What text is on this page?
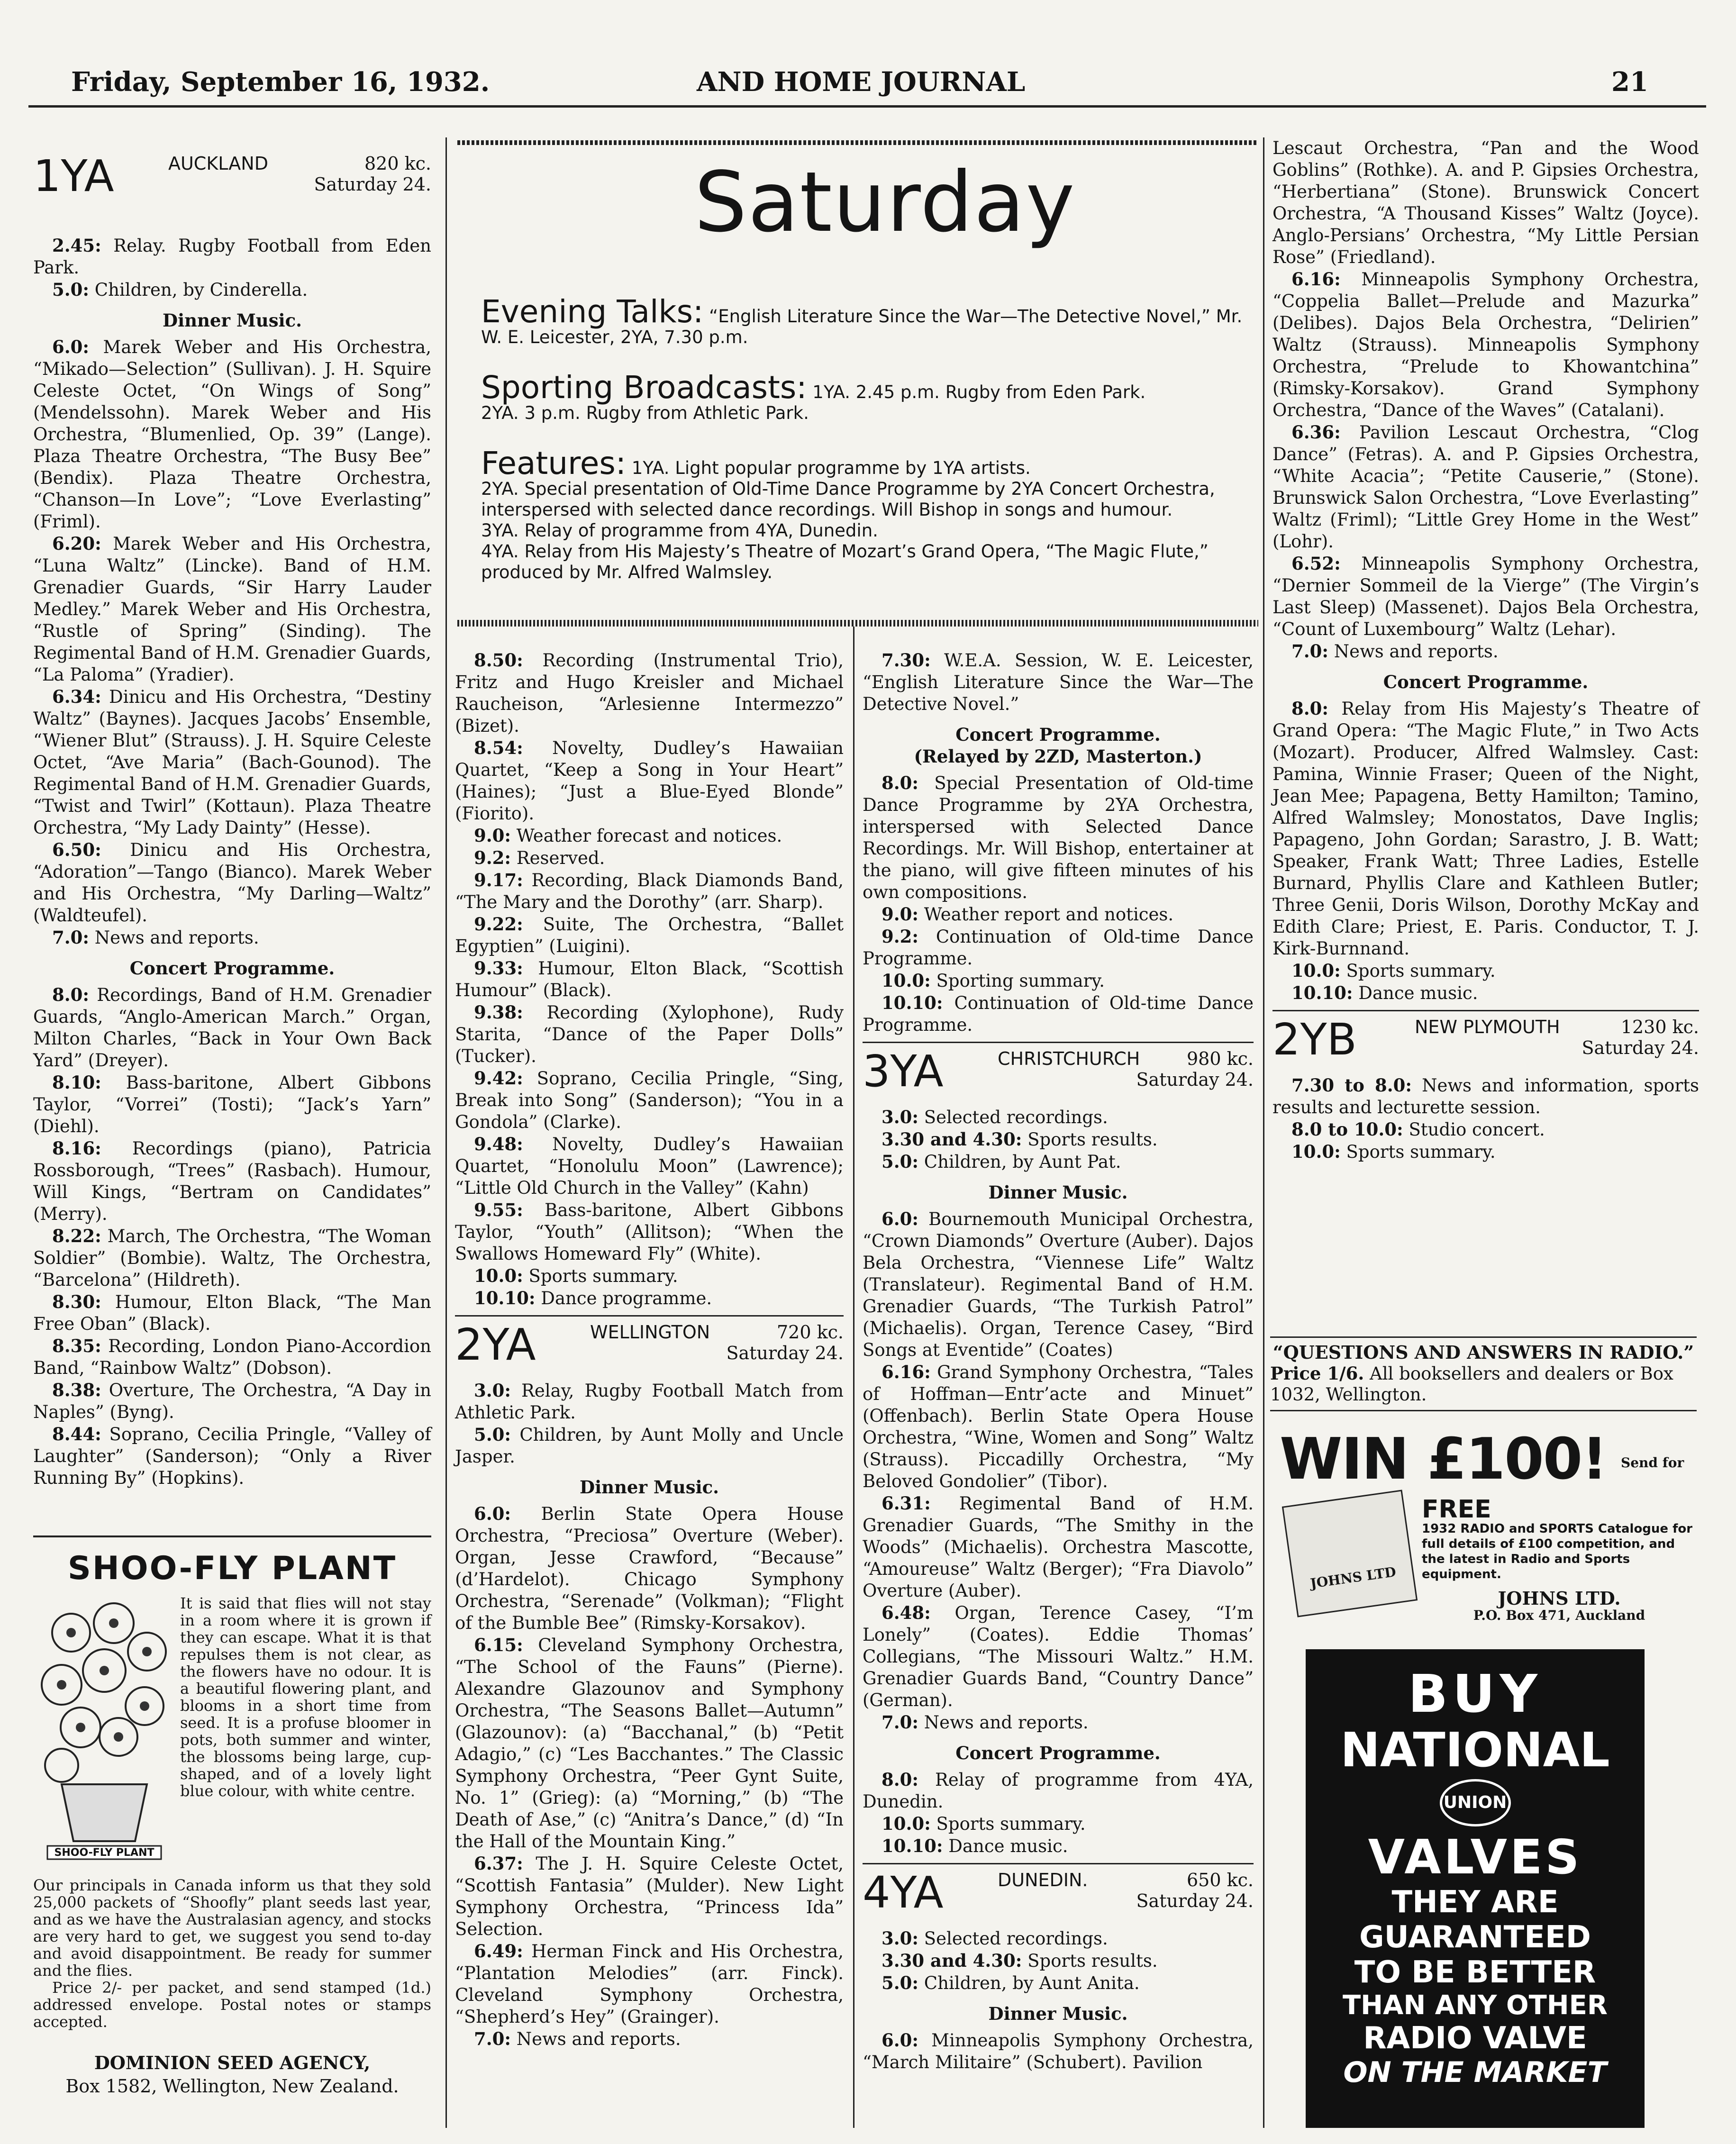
Friday, September 16, 1932.	AND HOME JOURNAL	21
1YA	AUCKLAND	820 kc.
Saturday 24.

2.45: Relay. Rugby Football from Eden Park.

5.0: Children, by Cinderella.

Dinner Music.

6.0: Marek Weber and His Orchestra, “Mikado—Selection” (Sullivan). J. H. Squire Celeste Octet, “On Wings of Song” (Mendelssohn). Marek Weber and His Orchestra, “Blumenlied, Op. 39” (Lange). Plaza Theatre Orchestra, “The Busy Bee” (Bendix). Plaza Theatre Orchestra, “Chanson—In Love”; “Love Everlasting” (Friml).

6.20: Marek Weber and His Orchestra, “Luna Waltz” (Lincke). Band of H.M. Grenadier Guards, “Sir Harry Lauder Medley.” Marek Weber and His Orchestra, “Rustle of Spring” (Sinding). The Regimental Band of H.M. Grenadier Guards, “La Paloma” (Yradier).

6.34: Dinicu and His Orchestra, “Destiny Waltz” (Baynes). Jacques Jacobs’ Ensemble, “Wiener Blut” (Strauss). J. H. Squire Celeste Octet, “Ave Maria” (Bach-Gounod). The Regimental Band of H.M. Grenadier Guards, “Twist and Twirl” (Kottaun). Plaza Theatre Orchestra, “My Lady Dainty” (Hesse).

6.50: Dinicu and His Orchestra, “Adoration”—Tango (Bianco). Marek Weber and His Orchestra, “My Darling—Waltz” (Waldteufel).

7.0: News and reports.

Concert Programme.

8.0: Recordings, Band of H.M. Grenadier Guards, “Anglo-American March.” Organ, Milton Charles, “Back in Your Own Back Yard” (Dreyer).

8.10: Bass-baritone, Albert Gibbons Taylor, “Vorrei” (Tosti); “Jack’s Yarn” (Diehl).

8.16: Recordings (piano), Patricia Rossborough, “Trees” (Rasbach). Humour, Will Kings, “Bertram on Candidates” (Merry).

8.22: March, The Orchestra, “The Woman Soldier” (Bombie). Waltz, The Orchestra, “Barcelona” (Hildreth).

8.30: Humour, Elton Black, “The Man Free Oban” (Black).

8.35: Recording, London Piano-Accordion Band, “Rainbow Waltz” (Dobson).

8.38: Overture, The Orchestra, “A Day in Naples” (Byng).

8.44: Soprano, Cecilia Pringle, “Valley of Laughter” (Sanderson); “Only a River Running By” (Hopkins).

SHOO-FLY PLANT
SHOO-FLY PLANT
It is said that flies will not stay in a room where it is grown if they can escape. What it is that repulses them is not clear, as the flowers have no odour. It is a beautiful flowering plant, and blooms in a short time from seed. It is a profuse bloomer in pots, both summer and winter, the blossoms being large, cup-shaped, and of a lovely light blue colour, with white centre.

Our principals in Canada inform us that they sold 25,000 packets of “Shoofly” plant seeds last year, and as we have the Australasian agency, and stocks are very hard to get, we suggest you send to-day and avoid disappointment. Be ready for summer and the flies.

Price 2/- per packet, and send stamped (1d.) addressed envelope. Postal notes or stamps accepted.

DOMINION SEED AGENCY,
Box 1582, Wellington, New Zealand.
Saturday
Evening Talks: “English Literature Since the War—The Detective Novel,” Mr. W. E. Leicester, 2YA, 7.30 p.m.
Sporting Broadcasts: 1YA. 2.45 p.m. Rugby from Eden Park.
2YA. 3 p.m. Rugby from Athletic Park.
Features: 1YA. Light popular programme by 1YA artists.
2YA. Special presentation of Old-Time Dance Programme by 2YA Concert Orchestra, interspersed with selected dance recordings. Will Bishop in songs and humour.
3YA. Relay of programme from 4YA, Dunedin.
4YA. Relay from His Majesty’s Theatre of Mozart’s Grand Opera, “The Magic Flute,” produced by Mr. Alfred Walmsley.

8.50: Recording (Instrumental Trio), Fritz and Hugo Kreisler and Michael Raucheison, “Arlesienne Intermezzo” (Bizet).

8.54: Novelty, Dudley’s Hawaiian Quartet, “Keep a Song in Your Heart” (Haines); “Just a Blue-Eyed Blonde” (Fiorito).

9.0: Weather forecast and notices.

9.2: Reserved.

9.17: Recording, Black Diamonds Band, “The Mary and the Dorothy” (arr. Sharp).

9.22: Suite, The Orchestra, “Ballet Egyptien” (Luigini).

9.33: Humour, Elton Black, “Scottish Humour” (Black).

9.38: Recording (Xylophone), Rudy Starita, “Dance of the Paper Dolls” (Tucker).

9.42: Soprano, Cecilia Pringle, “Sing, Break into Song” (Sanderson); “You in a Gondola” (Clarke).

9.48: Novelty, Dudley’s Hawaiian Quartet, “Honolulu Moon” (Lawrence); “Little Old Church in the Valley” (Kahn)

9.55: Bass-baritone, Albert Gibbons Taylor, “Youth” (Allitson); “When the Swallows Homeward Fly” (White).

10.0: Sports summary.

10.10: Dance programme.

2YA	WELLINGTON	720 kc.
Saturday 24.

3.0: Relay, Rugby Football Match from Athletic Park.

5.0: Children, by Aunt Molly and Uncle Jasper.

Dinner Music.

6.0: Berlin State Opera House Orchestra, “Preciosa” Overture (Weber). Organ, Jesse Crawford, “Because” (d’Hardelot). Chicago Symphony Orchestra, “Serenade” (Volkman); “Flight of the Bumble Bee” (Rimsky-Korsakov).

6.15: Cleveland Symphony Orchestra, “The School of the Fauns” (Pierne). Alexandre Glazounov and Symphony Orchestra, “The Seasons Ballet—Autumn” (Glazounov): (a) “Bacchanal,” (b) “Petit Adagio,” (c) “Les Bacchantes.” The Classic Symphony Orchestra, “Peer Gynt Suite, No. 1” (Grieg): (a) “Morning,” (b) “The Death of Ase,” (c) “Anitra’s Dance,” (d) “In the Hall of the Mountain King.”

6.37: The J. H. Squire Celeste Octet, “Scottish Fantasia” (Mulder). New Light Symphony Orchestra, “Princess Ida” Selection.

6.49: Herman Finck and His Orchestra, “Plantation Melodies” (arr. Finck). Cleveland Symphony Orchestra, “Shepherd’s Hey” (Grainger).

7.0: News and reports.

7.30: W.E.A. Session, W. E. Leicester, “English Literature Since the War—The Detective Novel.”

Concert Programme.

(Relayed by 2ZD, Masterton.)

8.0: Special Presentation of Old-time Dance Programme by 2YA Orchestra, interspersed with Selected Dance Recordings. Mr. Will Bishop, entertainer at the piano, will give fifteen minutes of his own compositions.

9.0: Weather report and notices.

9.2: Continuation of Old-time Dance Programme.

10.0: Sporting summary.

10.10: Continuation of Old-time Dance Programme.

3YA	CHRISTCHURCH	980 kc.
Saturday 24.

3.0: Selected recordings.

3.30 and 4.30: Sports results.

5.0: Children, by Aunt Pat.

Dinner Music.

6.0: Bournemouth Municipal Orchestra, “Crown Diamonds” Overture (Auber). Dajos Bela Orchestra, “Viennese Life” Waltz (Translateur). Regimental Band of H.M. Grenadier Guards, “The Turkish Patrol” (Michaelis). Organ, Terence Casey, “Bird Songs at Eventide” (Coates)

6.16: Grand Symphony Orchestra, “Tales of Hoffman—Entr’acte and Minuet” (Offenbach). Berlin State Opera House Orchestra, “Wine, Women and Song” Waltz (Strauss). Piccadilly Orchestra, “My Beloved Gondolier” (Tibor).

6.31: Regimental Band of H.M. Grenadier Guards, “The Smithy in the Woods” (Michaelis). Orchestra Mascotte, “Amoureuse” Waltz (Berger); “Fra Diavolo” Overture (Auber).

6.48: Organ, Terence Casey, “I’m Lonely” (Coates). Eddie Thomas’ Collegians, “The Missouri Waltz.” H.M. Grenadier Guards Band, “Country Dance” (German).

7.0: News and reports.

Concert Programme.

8.0: Relay of programme from 4YA, Dunedin.

10.0: Sports summary.

10.10: Dance music.

4YA	DUNEDIN.	650 kc.
Saturday 24.

3.0: Selected recordings.

3.30 and 4.30: Sports results.

5.0: Children, by Aunt Anita.

Dinner Music.

6.0: Minneapolis Symphony Orchestra, “March Militaire” (Schubert). Pavilion

Lescaut Orchestra, “Pan and the Wood Goblins” (Rothke). A. and P. Gipsies Orchestra, “Herbertiana” (Stone). Brunswick Concert Orchestra, “A Thousand Kisses” Waltz (Joyce). Anglo-Persians’ Orchestra, “My Little Persian Rose” (Friedland).

6.16: Minneapolis Symphony Orchestra, “Coppelia Ballet—Prelude and Mazurka” (Delibes). Dajos Bela Orchestra, “Delirien” Waltz (Strauss). Minneapolis Symphony Orchestra, “Prelude to Khowantchina” (Rimsky-Korsakov). Grand Symphony Orchestra, “Dance of the Waves” (Catalani).

6.36: Pavilion Lescaut Orchestra, “Clog Dance” (Fetras). A. and P. Gipsies Orchestra, “White Acacia”; “Petite Causerie,” (Stone). Brunswick Salon Orchestra, “Love Everlasting” Waltz (Friml); “Little Grey Home in the West” (Lohr).

6.52: Minneapolis Symphony Orchestra, “Dernier Sommeil de la Vierge” (The Virgin’s Last Sleep) (Massenet). Dajos Bela Orchestra, “Count of Luxembourg” Waltz (Lehar).

7.0: News and reports.

Concert Programme.

8.0: Relay from His Majesty’s Theatre of Grand Opera: “The Magic Flute,” in Two Acts (Mozart). Producer, Alfred Walmsley. Cast: Pamina, Winnie Fraser; Queen of the Night, Jean Mee; Papagena, Betty Hamilton; Tamino, Alfred Walmsley; Monostatos, Dave Inglis; Papageno, John Gordan; Sarastro, J. B. Watt; Speaker, Frank Watt; Three Ladies, Estelle Burnard, Phyllis Clare and Kathleen Butler; Three Genii, Doris Wilson, Dorothy McKay and Edith Clare; Priest, E. Paris. Conductor, T. J. Kirk-Burnnand.

10.0: Sports summary.

10.10: Dance music.

2YB	NEW PLYMOUTH	1230 kc.
Saturday 24.

7.30 to 8.0: News and information, sports results and lecturette session.

8.0 to 10.0: Studio concert.

10.0: Sports summary.

“QUESTIONS AND ANSWERS IN RADIO.”
Price 1/6. All booksellers and dealers or Box 1032, Wellington.
WIN £100! Send for
FREE
1932 RADIO and SPORTS Catalogue for full details of £100 competition, and the latest in Radio and Sports equipment.
JOHNS LTD
JOHNS LTD.
P.O. Box 471, Auckland
BUY
NATIONAL
UNION
VALVES
THEY ARE
GUARANTEED
TO BE BETTER
THAN ANY OTHER
RADIO VALVE
ON THE MARKET
